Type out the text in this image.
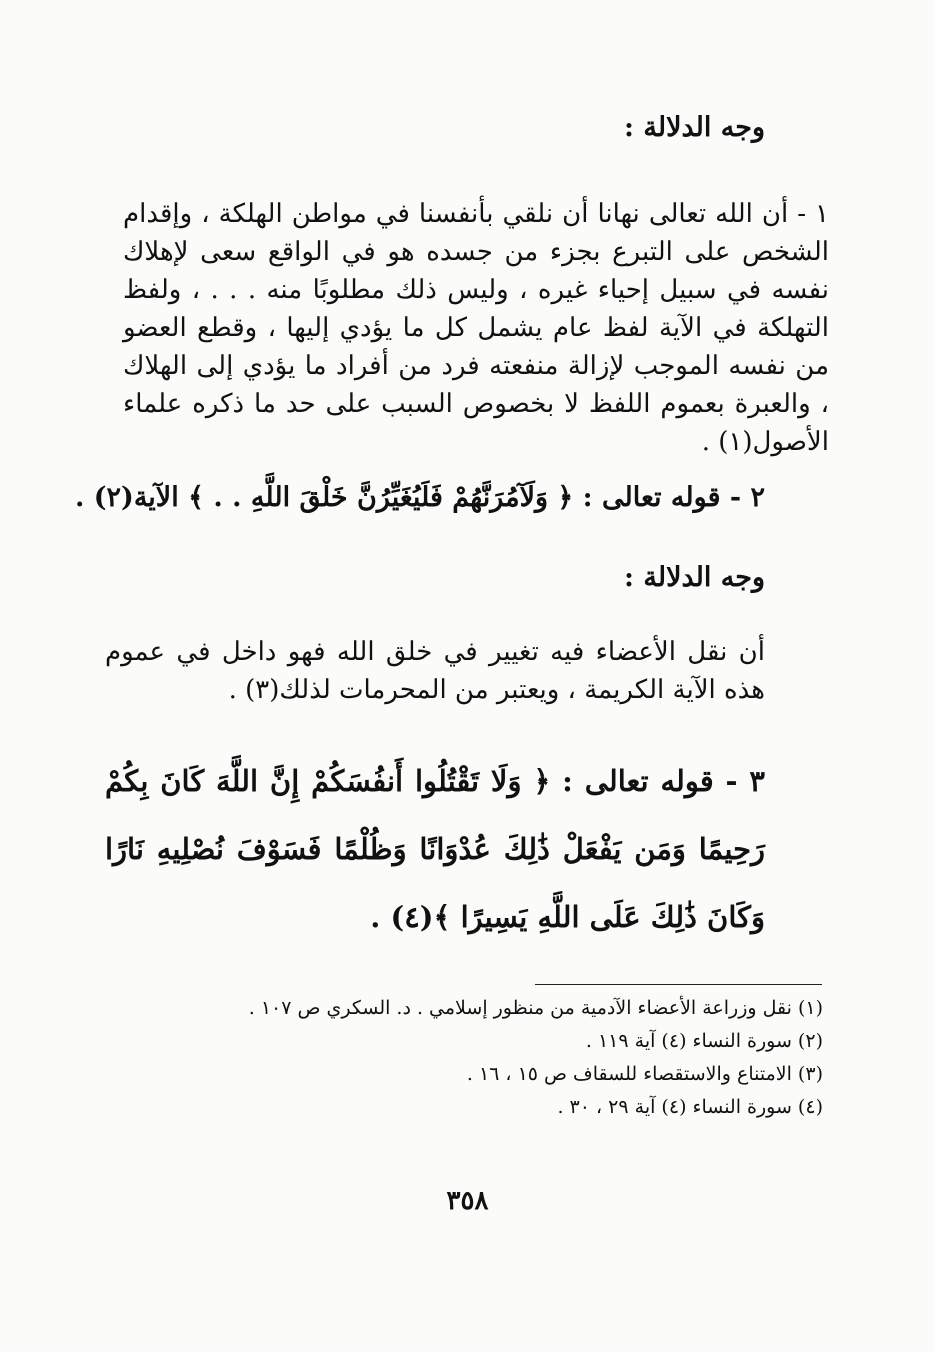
وجه الدلالة :
١ - أن الله تعالى نهانا أن نلقي بأنفسنا في مواطن الهلكة ، وإقدام الشخص على التبرع بجزء من جسده هو في الواقع سعى لإهلاك نفسه في سبيل إحياء غيره ، وليس ذلك مطلوبًا منه . . . ، ولفظ التهلكة في الآية لفظ عام يشمل كل ما يؤدي إليها ، وقطع العضو من نفسه الموجب لإزالة منفعته فرد من أفراد ما يؤدي إلى الهلاك ، والعبرة بعموم اللفظ لا بخصوص السبب على حد ما ذكره علماء الأصول(١) .
٢ - قوله تعالى : ﴿ وَلَآمُرَنَّهُمْ فَلَيُغَيِّرُنَّ خَلْقَ اللَّهِ . . ﴾ الآية(٢) .
وجه الدلالة :
أن نقل الأعضاء فيه تغيير في خلق الله فهو داخل في عموم هذه الآية الكريمة ، ويعتبر من المحرمات لذلك(٣) .
٣ - قوله تعالى : ﴿ وَلَا تَقْتُلُوا أَنفُسَكُمْ إِنَّ اللَّهَ كَانَ بِكُمْ رَحِيمًا وَمَن يَفْعَلْ ذَٰلِكَ عُدْوَانًا وَظُلْمًا فَسَوْفَ نُصْلِيهِ نَارًا وَكَانَ ذَٰلِكَ عَلَى اللَّهِ يَسِيرًا ﴾(٤) .
(١) نقل وزراعة الأعضاء الآدمية من منظور إسلامي . د. السكري ص ١٠٧ .
(٢) سورة النساء (٤) آية ١١٩ .
(٣) الامتناع والاستقصاء للسقاف ص ١٥ ، ١٦ .
(٤) سورة النساء (٤) آية ٢٩ ، ٣٠ .
٣٥٨
